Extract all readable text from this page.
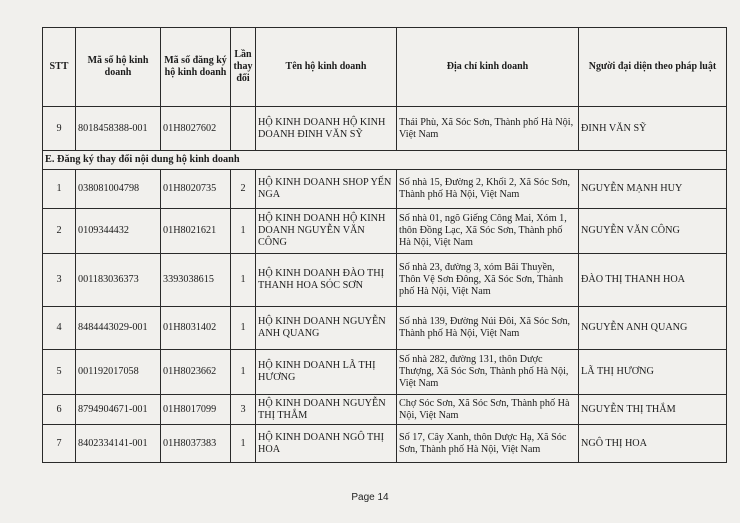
STT	Mã số hộ kinh doanh	Mã số đăng ký hộ kinh doanh	Lần thay đổi	Tên hộ kinh doanh	Địa chỉ kinh doanh	Người đại diện theo pháp luật
9	8018458388-001	01H8027602		HỘ KINH DOANH HỘ KINH DOANH ĐINH VĂN SỸ	Thái Phù, Xã Sóc Sơn, Thành phố Hà Nội, Việt Nam	ĐINH VĂN SỸ
E. Đăng ký thay đổi nội dung hộ kinh doanh						
1	038081004798	01H8020735	2	HỘ KINH DOANH SHOP YẾN NGA	Số nhà 15, Đường 2, Khối 2, Xã Sóc Sơn, Thành phố Hà Nội, Việt Nam	NGUYỄN MẠNH HUY
2	0109344432	01H8021621	1	HỘ KINH DOANH HỘ KINH DOANH NGUYỄN VĂN CÔNG	Số nhà 01, ngõ Giếng Công Mai, Xóm 1, thôn Đồng Lạc, Xã Sóc Sơn, Thành phố Hà Nội, Việt Nam	NGUYỄN VĂN CÔNG
3	001183036373	3393038615	1	HỘ KINH DOANH ĐÀO THỊ THANH HOA SÓC SƠN	Số nhà 23, đường 3, xóm Bãi Thuyền, Thôn Vệ Sơn Đông, Xã Sóc Sơn, Thành phố Hà Nội, Việt Nam	ĐÀO THỊ THANH HOA
4	8484443029-001	01H8031402	1	HỘ KINH DOANH NGUYỄN ANH QUANG	Số nhà 139, Đường Núi Đôi, Xã Sóc Sơn, Thành phố Hà Nội, Việt Nam	NGUYỄN ANH QUANG
5	001192017058	01H8023662	1	HỘ KINH DOANH LÃ THỊ HƯƠNG	Số nhà 282, đường 131, thôn Dược Thượng, Xã Sóc Sơn, Thành phố Hà Nội, Việt Nam	LÃ THỊ HƯƠNG
6	8794904671-001	01H8017099	3	HỘ KINH DOANH NGUYỄN THỊ THẮM	Chợ Sóc Sơn, Xã Sóc Sơn, Thành phố Hà Nội, Việt Nam	NGUYỄN THỊ THẮM
7	8402334141-001	01H8037383	1	HỘ KINH DOANH NGÔ THỊ HOA	Số 17, Cây Xanh, thôn Dược Hạ, Xã Sóc Sơn, Thành phố Hà Nội, Việt Nam	NGÔ THỊ HOA
Page 14
